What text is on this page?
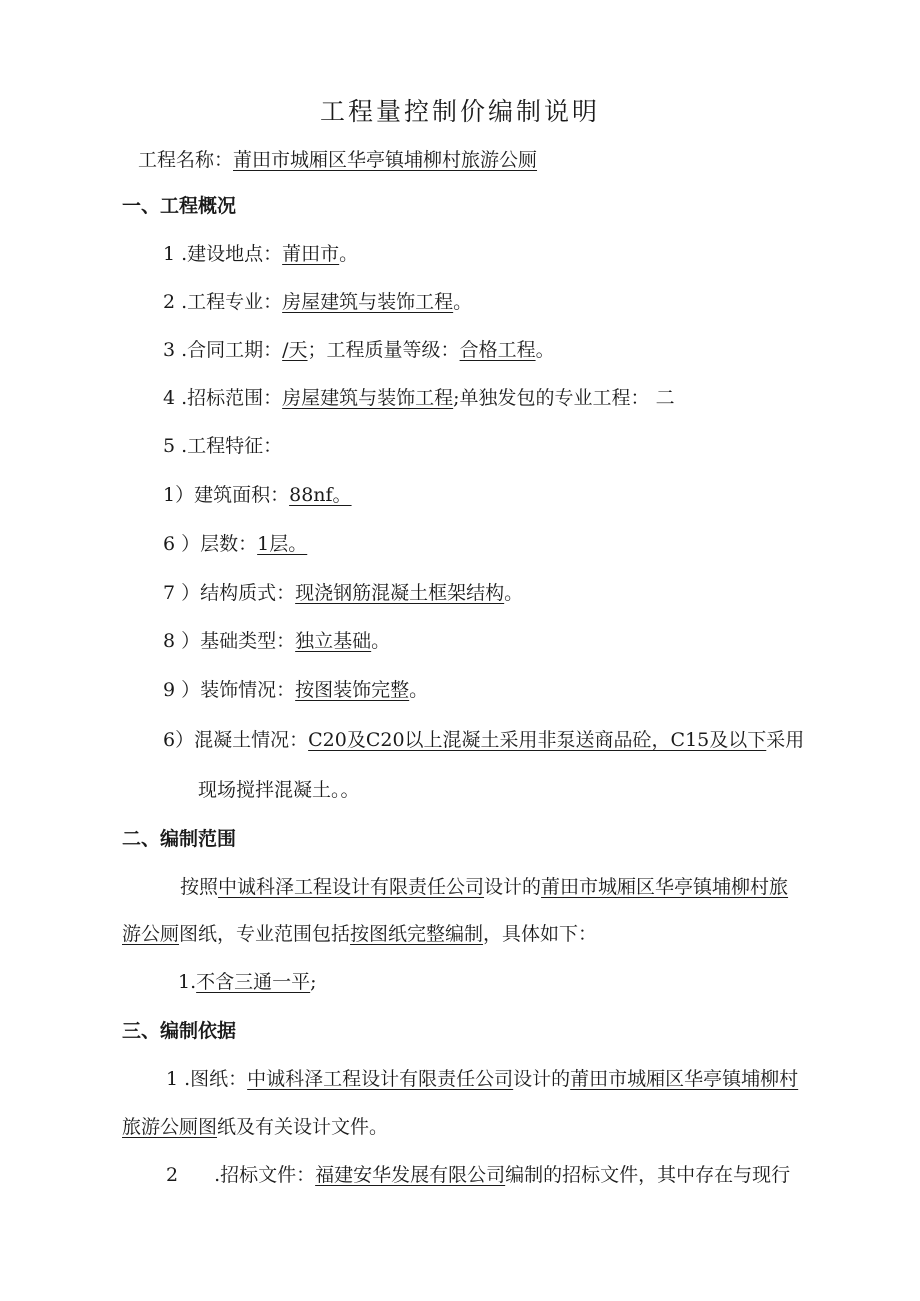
工程量控制价编制说明
工程名称：莆田市城厢区华亭镇埔柳村旅游公厕
一、工程概况
1 .建设地点：莆田市。
2 .工程专业：房屋建筑与装饰工程。
3 .合同工期：/天；工程质量等级：合格工程。
4 .招标范围：房屋建筑与装饰工程;单独发包的专业工程： 二
5 .工程特征：
1）建筑面积：88nf。
6 ）层数：1层。
7 ）结构质式：现浇钢筋混凝土框架结构。
8 ）基础类型：独立基础。
9 ）装饰情况：按图装饰完整。
6）混凝土情况：C20及C20以上混凝土采用非泵送商品砼，C15及以下采用
现场搅拌混凝土。。
二、编制范围
按照中诚科泽工程设计有限责任公司设计的莆田市城厢区华亭镇埔柳村旅
游公厕图纸，专业范围包括按图纸完整编制，具体如下：
1.不含三通一平;
三、编制依据
1 .图纸：中诚科泽工程设计有限责任公司设计的莆田市城厢区华亭镇埔柳村
旅游公厕图纸及有关设计文件。
2 .招标文件：福建安华发展有限公司编制的招标文件，其中存在与现行
